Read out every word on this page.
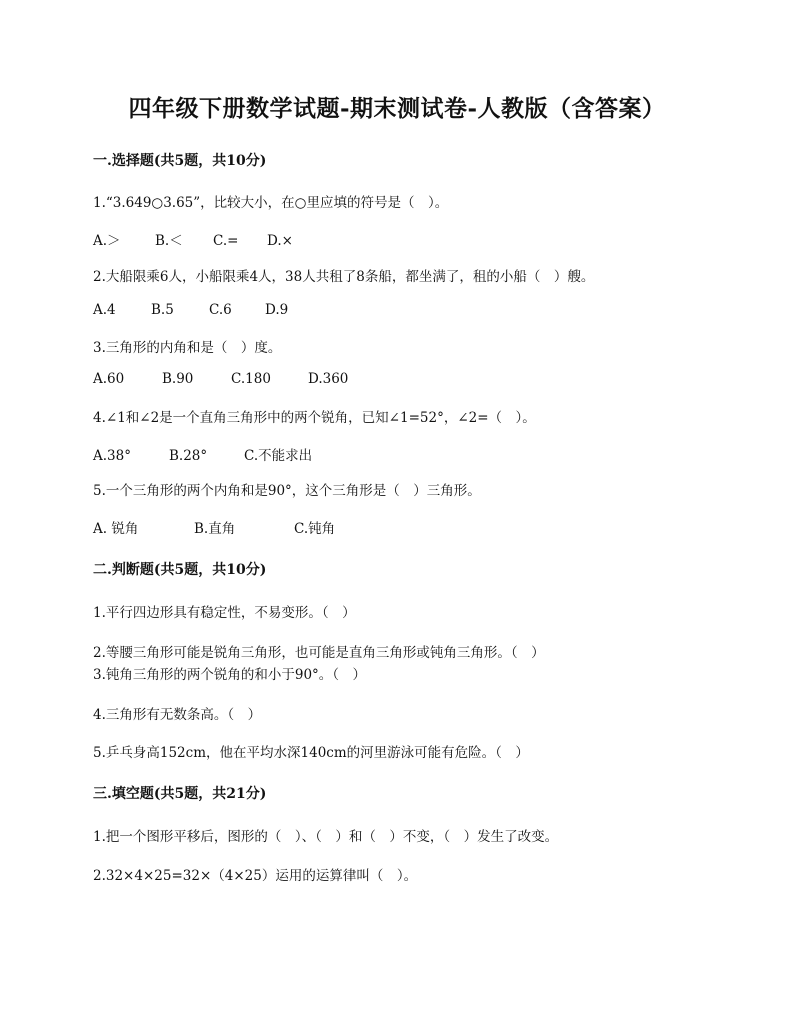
四年级下册数学试题-期末测试卷-人教版（含答案）
一.选择题(共5题，共10分)
1.“3.649○3.65”，比较大小，在○里应填的符号是（　）。
A.＞	B.＜ C.= D.×
2.大船限乘6人，小船限乘4人，38人共租了8条船，都坐满了，租的小船（　）艘。
A.4	B.5	C.6 D.9
3.三角形的内角和是（　）度。
A.60	B.90	C.180	D.360
4.∠1和∠2是一个直角三角形中的两个锐角，已知∠1=52°，∠2=（　）。
A.38°	B.28°	C.不能求出
5.一个三角形的两个内角和是90°，这个三角形是（　）三角形。
A. 锐角	B.直角	C.钝角
二.判断题(共5题，共10分)
1.平行四边形具有稳定性，不易变形。（　）
2.等腰三角形可能是锐角三角形，也可能是直角三角形或钝角三角形。（　）
3.钝角三角形的两个锐角的和小于90°。（　）
4.三角形有无数条高。（　）
5.乒乓身高152cm，他在平均水深140cm的河里游泳可能有危险。（　）
三.填空题(共5题，共21分)
1.把一个图形平移后，图形的（　）、（　）和（　）不变，（　）发生了改变。
2.32×4×25=32×（4×25）运用的运算律叫（　）。
